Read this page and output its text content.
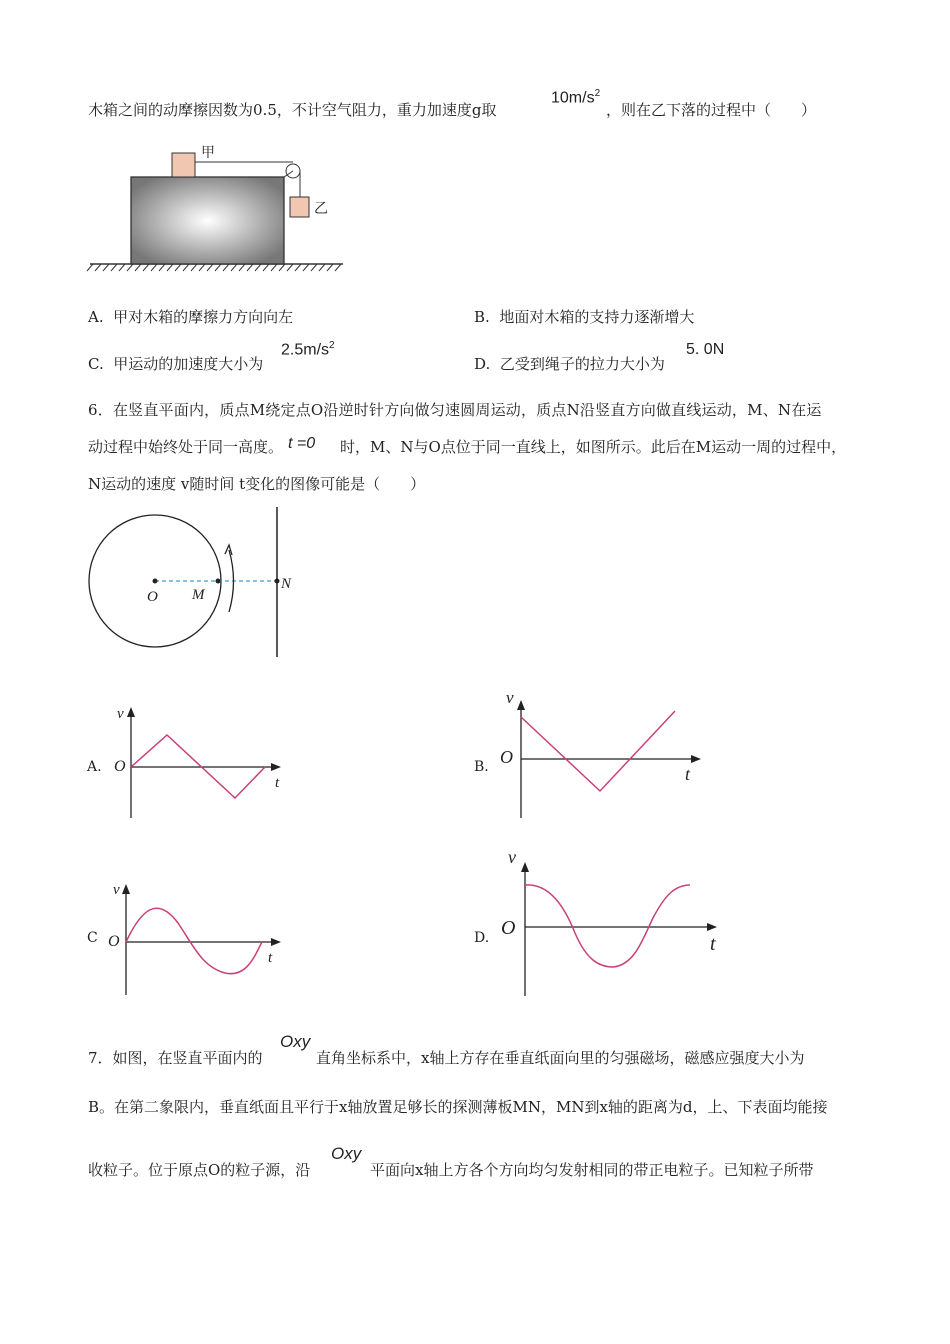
木箱之间的动摩擦因数为0.5，不计空气阻力，重力加速度g取
$10m/s^2$
，则在乙下落的过程中（　　）
甲
乙
A. 甲对木箱的摩擦力方向向左	B. 地面对木箱的支持力逐渐增大
C. 甲运动的加速度大小为
$2.5m/s^2$
D. 乙受到绳子的拉力大小为
5. 0N
6．在竖直平面内，质点M绕定点O沿逆时针方向做匀速圆周运动，质点N沿竖直方向做直线运动，M、N在运
动过程中始终处于同一高度。 t =0 时，M、N与O点位于同一直线上，如图所示。此后在M运动一周的过程中，
N运动的速度 v随时间 t变化的图像可能是（　　）
O M
N
A.	B.
C	D.
v
O
t
v
O
t
v
O
t
v
O
t
7．如图，在竖直平面内的
Oxy
直角坐标系中，x轴上方存在垂直纸面向里的匀强磁场，磁感应强度大小为
B。在第二象限内，垂直纸面且平行于x轴放置足够长的探测薄板MN，MN到x轴的距离为d，上、下表面均能接
收粒子。位于原点O的粒子源，沿
Oxy
平面向x轴上方各个方向均匀发射相同的带正电粒子。已知粒子所带
